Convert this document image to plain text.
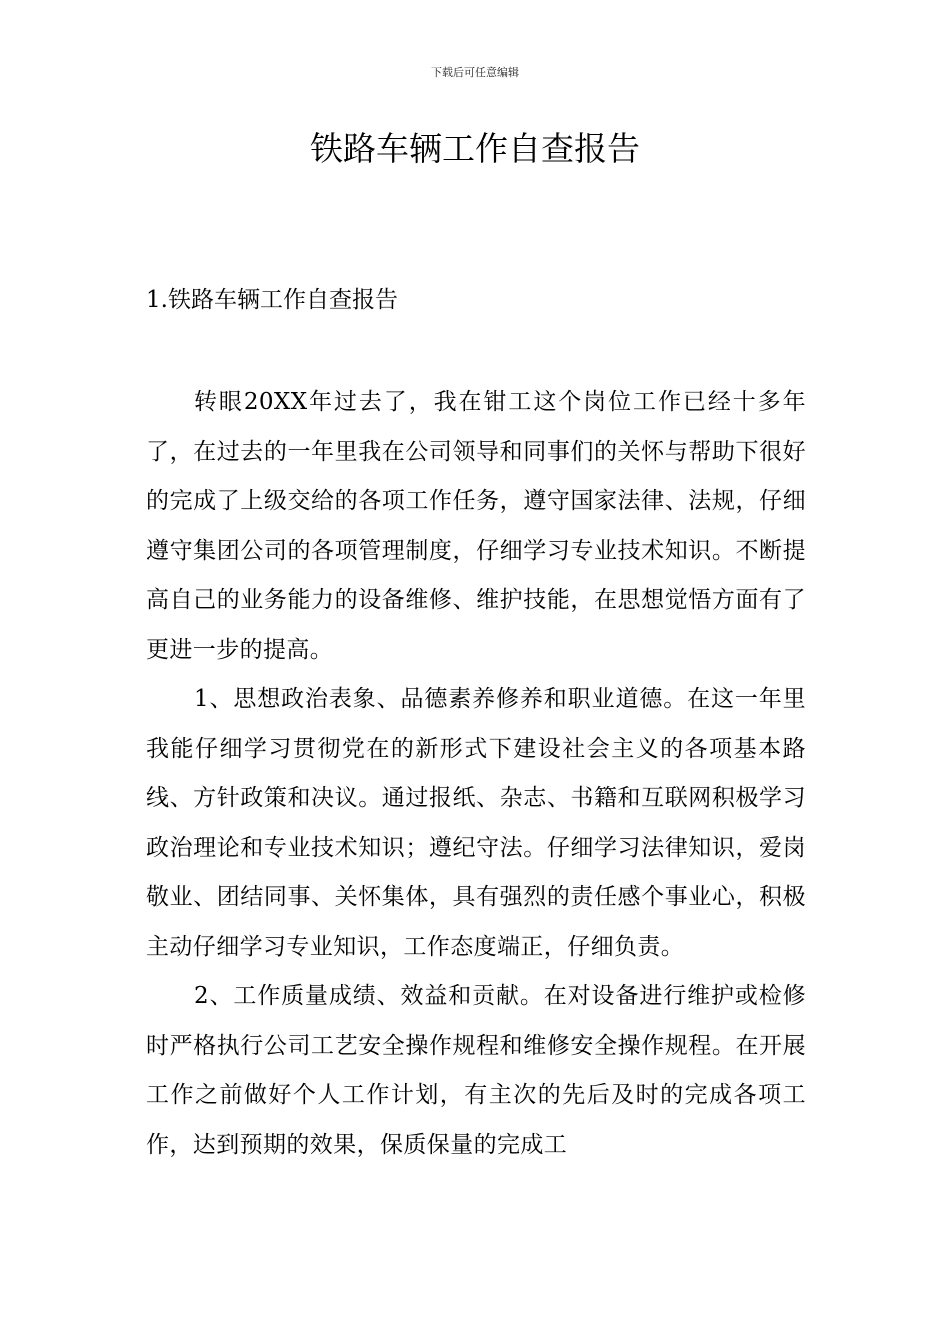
下载后可任意编辑
铁路车辆工作自查报告
1.铁路车辆工作自查报告

转眼20XX年过去了，我在钳工这个岗位工作已经十多年了，在过去的一年里我在公司领导和同事们的关怀与帮助下很好的完成了上级交给的各项工作任务，遵守国家法律、法规，仔细遵守集团公司的各项管理制度，仔细学习专业技术知识。不断提高自己的业务能力的设备维修、维护技能，在思想觉悟方面有了更进一步的提高。

1、思想政治表象、品德素养修养和职业道德。在这一年里我能仔细学习贯彻党在的新形式下建设社会主义的各项基本路线、方针政策和决议。通过报纸、杂志、书籍和互联网积极学习政治理论和专业技术知识；遵纪守法。仔细学习法律知识，爱岗敬业、团结同事、关怀集体，具有强烈的责任感个事业心，积极主动仔细学习专业知识，工作态度端正，仔细负责。

2、工作质量成绩、效益和贡献。在对设备进行维护或检修时严格执行公司工艺安全操作规程和维修安全操作规程。在开展工作之前做好个人工作计划，有主次的先后及时的完成各项工作，达到预期的效果，保质保量的完成工
